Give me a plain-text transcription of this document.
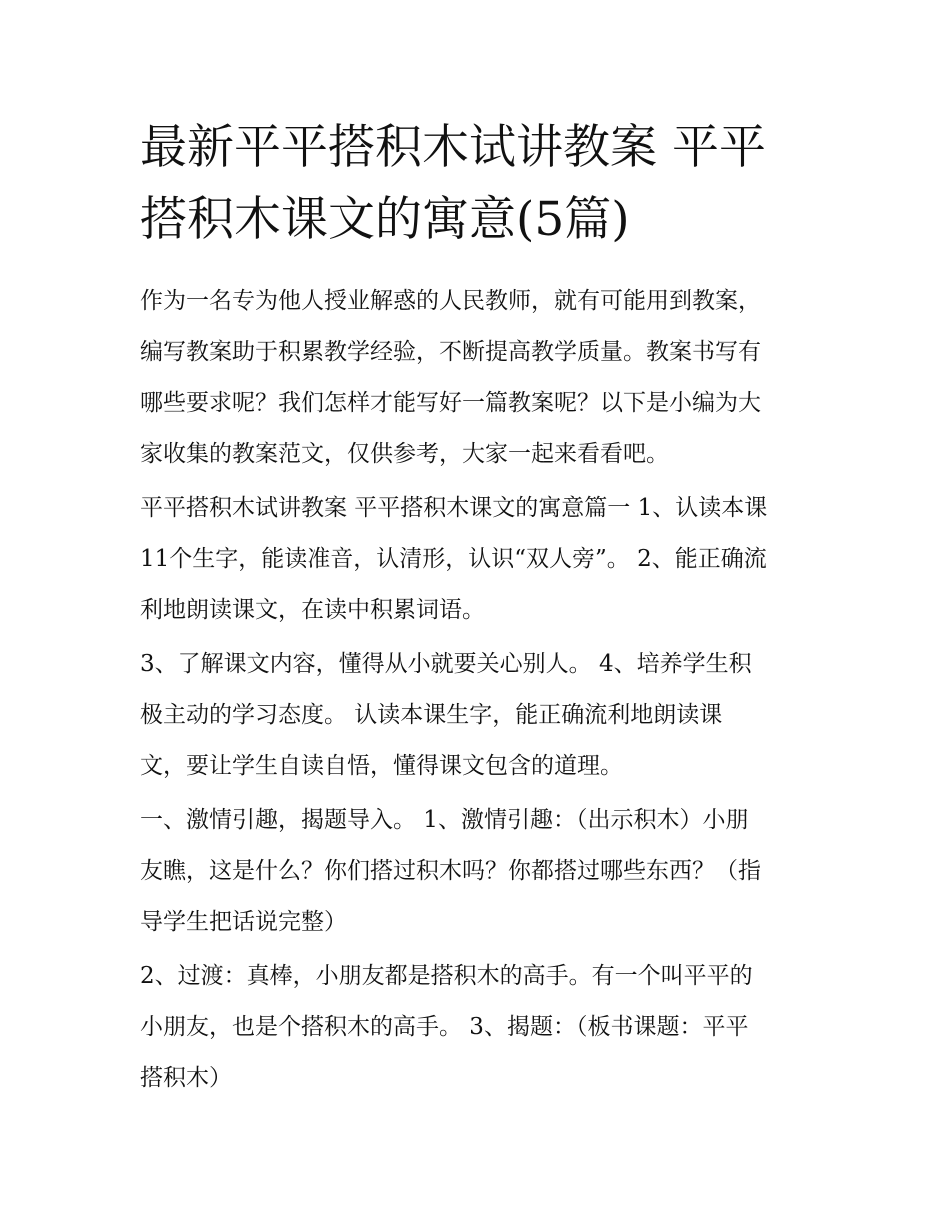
最新平平搭积木试讲教案 平平
搭积木课文的寓意(5篇)

作为一名专为他人授业解惑的人民教师，就有可能用到教案，
编写教案助于积累教学经验，不断提高教学质量。教案书写有
哪些要求呢？我们怎样才能写好一篇教案呢？以下是小编为大
家收集的教案范文，仅供参考，大家一起来看看吧。

平平搭积木试讲教案 平平搭积木课文的寓意篇一 1、认读本课
11个生字，能读准音，认清形，认识“双人旁”。 2、能正确流
利地朗读课文，在读中积累词语。

3、了解课文内容，懂得从小就要关心别人。 4、培养学生积
极主动的学习态度。 认读本课生字，能正确流利地朗读课
文，要让学生自读自悟，懂得课文包含的道理。

一、激情引趣，揭题导入。 1、激情引趣：（出示积木）小朋
友瞧，这是什么？你们搭过积木吗？你都搭过哪些东西？（指
导学生把话说完整）

2、过渡：真棒，小朋友都是搭积木的高手。有一个叫平平的
小朋友，也是个搭积木的高手。 3、揭题：（板书课题：平平
搭积木）
